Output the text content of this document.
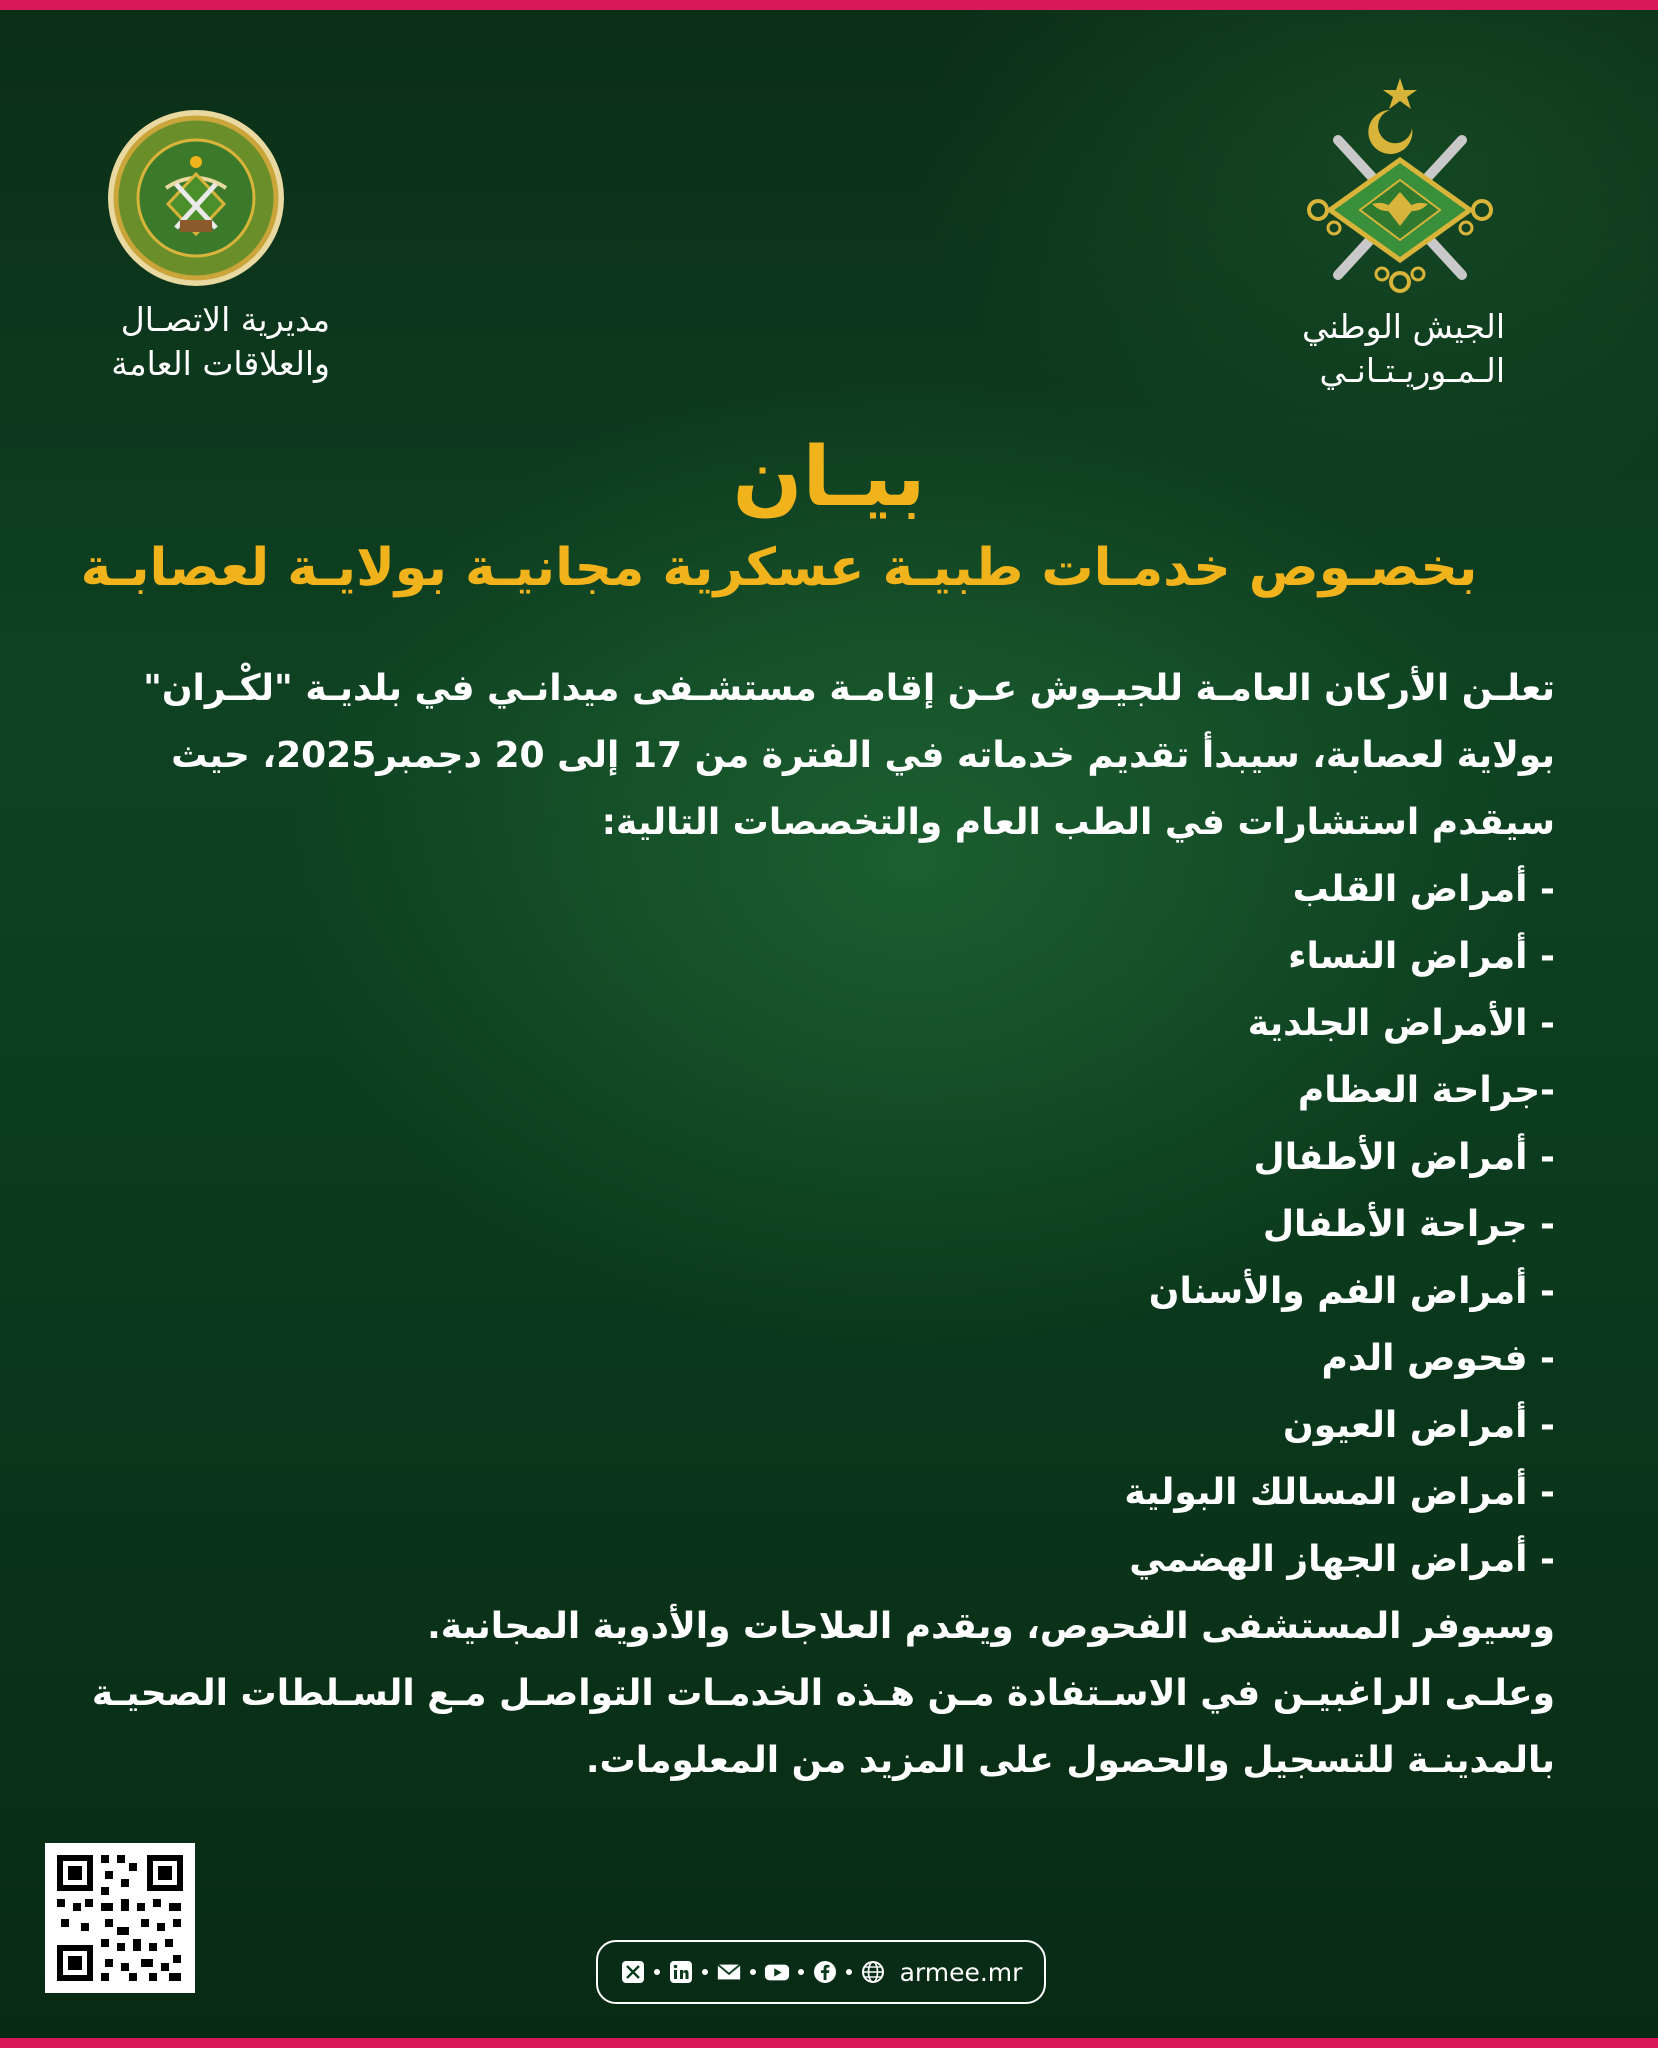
الجيش الوطني
الـمـوريـتـانـي
مديرية الاتصـال
والعلاقات العامة
بيـان
بخصـوص خدمـات طبيـة عسكرية مجانيـة بولايـة لعصابـة

تعلـن الأركان العامـة للجيـوش عـن إقامـة مستشـفى ميدانـي في بلديـة "لكْـران" بولاية لعصابة، سيبدأ تقديم خدماته في الفترة من 17 إلى 20 دجمبر2025، حيث سيقدم استشارات في الطب العام والتخصصات التالية:

- أمراض القلب
- أمراض النساء
- الأمراض الجلدية
-جراحة العظام
- أمراض الأطفال
- جراحة الأطفال
- أمراض الفم والأسنان
- فحوص الدم
- أمراض العيون
- أمراض المسالك البولية
- أمراض الجهاز الهضمي

وسيوفر المستشفى الفحوص، ويقدم العلاجات والأدوية المجانية.

وعلـى الراغبيـن في الاسـتفادة مـن هـذه الخدمـات التواصـل مـع السـلطات الصحيـة بالمدينـة للتسجيل والحصول على المزيد من المعلومات.

armee.mr
